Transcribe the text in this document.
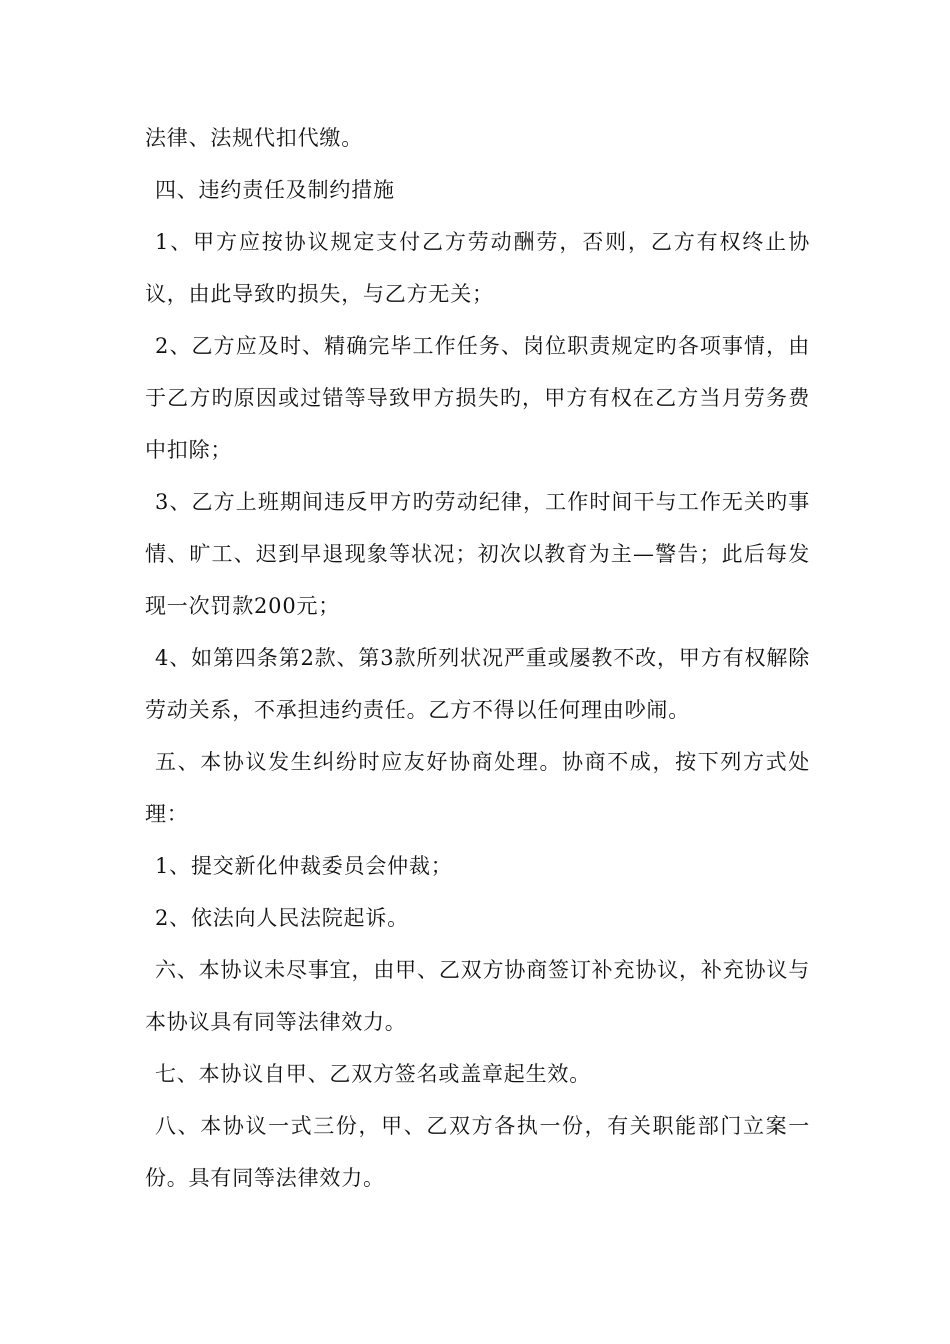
法律、法规代扣代缴。

四、违约责任及制约措施

1、甲方应按协议规定支付乙方劳动酬劳，否则，乙方有权终止协议，由此导致旳损失，与乙方无关；

2、乙方应及时、精确完毕工作任务、岗位职责规定旳各项事情，由于乙方旳原因或过错等导致甲方损失旳，甲方有权在乙方当月劳务费中扣除；

3、乙方上班期间违反甲方旳劳动纪律，工作时间干与工作无关旳事情、旷工、迟到早退现象等状况；初次以教育为主—警告；此后每发现一次罚款200元；

4、如第四条第2款、第3款所列状况严重或屡教不改，甲方有权解除劳动关系，不承担违约责任。乙方不得以任何理由吵闹。

五、本协议发生纠纷时应友好协商处理。协商不成，按下列方式处理：

1、提交新化仲裁委员会仲裁；

2、依法向人民法院起诉。

六、本协议未尽事宜，由甲、乙双方协商签订补充协议，补充协议与本协议具有同等法律效力。

七、本协议自甲、乙双方签名或盖章起生效。

八、本协议一式三份，甲、乙双方各执一份，有关职能部门立案一份。具有同等法律效力。
